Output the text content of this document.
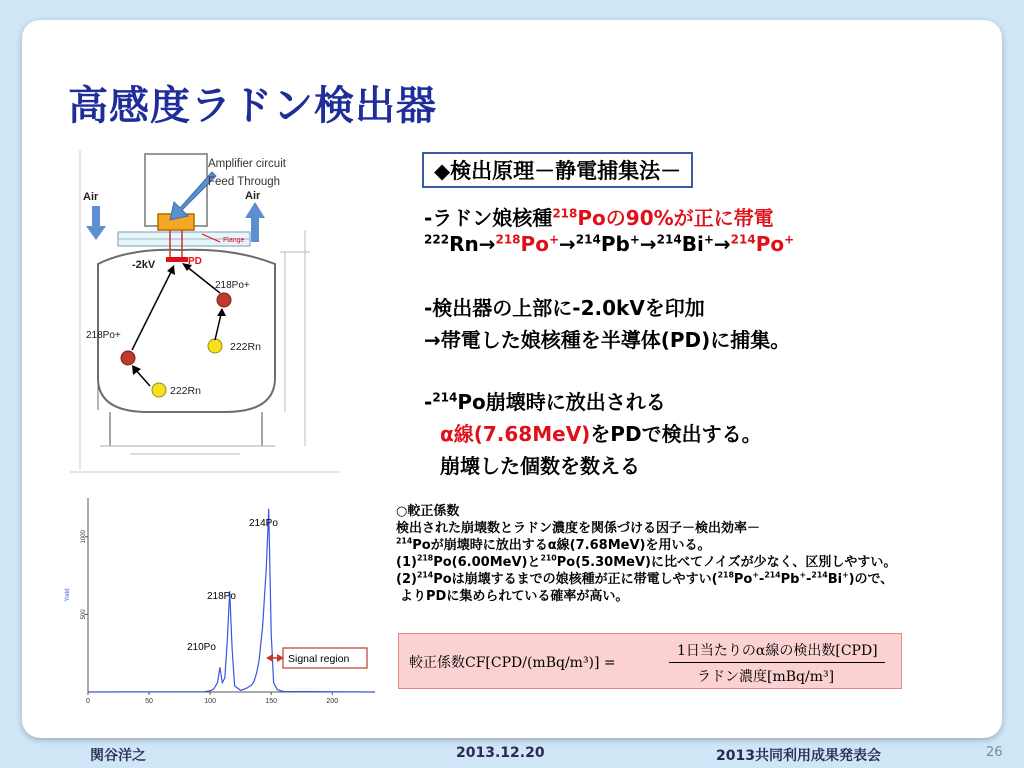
高感度ラドン検出器
Amplifier circuit
Feed Through
Air	Air
Flange
-2kV	PD
218Po+
218Po+
222Rn
222Rn
◆検出原理－静電捕集法－
-ラドン娘核種$^{218}$Poの90%が正に帯電
$^{222}$Rn→$^{218}$Po+→$^{214}$Pb+→$^{214}$Bi+→$^{214}$Po+
-検出器の上部に-2.0kVを印加
→帯電した娘核種を半導体(PD)に捕集。
-$^{214}$Po崩壊時に放出される
α線(7.68MeV)をPDで検出する。
崩壊した個数を数える
0	50	100	150	200
500
1000
Yield
214Po
218Po
210Po
Signal region
○較正係数
検出された崩壊数とラドン濃度を関係づける因子－検出効率－
$^{214}$Poが崩壊時に放出するα線(7.68MeV)を用いる。
$(1)^{218}Po(6.00MeV)$と$^{210}$Po(5.30MeV)に比べてノイズが少なく、区別しやすい。
$(2)^{214}Po$は崩壊するまでの娘核種が正に帯電しやすい($^{218}$Po+-$^{214}$Pb+-$^{214}$Bi+)ので、
よりPDに集められている確率が高い。
較正係数CF[CPD/(mBq/m³)] =
1日当たりのα線の検出数[CPD]
ラドン濃度[mBq/m³]
関谷洋之	2013.12.20	2013共同利用成果発表会	26
